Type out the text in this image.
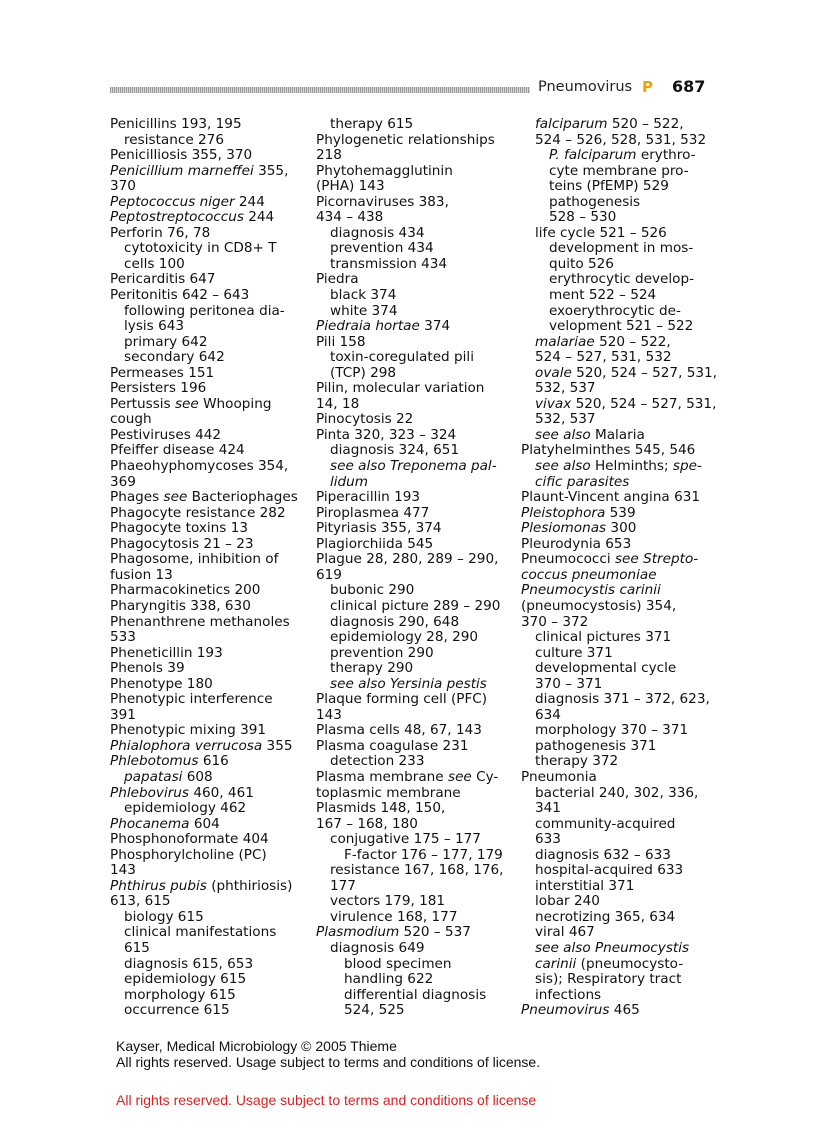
Pneumovirus P 687
Penicillins 193, 195
resistance 276
Penicilliosis 355, 370
Penicillium marneffei 355,
370
Peptococcus niger 244
Peptostreptococcus 244
Perforin 76, 78
cytotoxicity in CD8+ T
cells 100
Pericarditis 647
Peritonitis 642 – 643
following peritonea dia-
lysis 643
primary 642
secondary 642
Permeases 151
Persisters 196
Pertussis see Whooping
cough
Pestiviruses 442
Pfeiffer disease 424
Phaeohyphomycoses 354,
369
Phages see Bacteriophages
Phagocyte resistance 282
Phagocyte toxins 13
Phagocytosis 21 – 23
Phagosome, inhibition of
fusion 13
Pharmacokinetics 200
Pharyngitis 338, 630
Phenanthrene methanoles
533
Pheneticillin 193
Phenols 39
Phenotype 180
Phenotypic interference
391
Phenotypic mixing 391
Phialophora verrucosa 355
Phlebotomus 616
papatasi 608
Phlebovirus 460, 461
epidemiology 462
Phocanema 604
Phosphonoformate 404
Phosphorylcholine (PC)
143
Phthirus pubis (phthiriosis)
613, 615
biology 615
clinical manifestations
615
diagnosis 615, 653
epidemiology 615
morphology 615
occurrence 615
therapy 615
Phylogenetic relationships
218
Phytohemagglutinin
(PHA) 143
Picornaviruses 383,
434 – 438
diagnosis 434
prevention 434
transmission 434
Piedra
black 374
white 374
Piedraia hortae 374
Pili 158
toxin-coregulated pili
(TCP) 298
Pilin, molecular variation
14, 18
Pinocytosis 22
Pinta 320, 323 – 324
diagnosis 324, 651
see also Treponema pal-
lidum
Piperacillin 193
Piroplasmea 477
Pityriasis 355, 374
Plagiorchiida 545
Plague 28, 280, 289 – 290,
619
bubonic 290
clinical picture 289 – 290
diagnosis 290, 648
epidemiology 28, 290
prevention 290
therapy 290
see also Yersinia pestis
Plaque forming cell (PFC)
143
Plasma cells 48, 67, 143
Plasma coagulase 231
detection 233
Plasma membrane see Cy-
toplasmic membrane
Plasmids 148, 150,
167 – 168, 180
conjugative 175 – 177
F-factor 176 – 177, 179
resistance 167, 168, 176,
177
vectors 179, 181
virulence 168, 177
Plasmodium 520 – 537
diagnosis 649
blood specimen
handling 622
differential diagnosis
524, 525
falciparum 520 – 522,
524 – 526, 528, 531, 532
P. falciparum erythro-
cyte membrane pro-
teins (PfEMP) 529
pathogenesis
528 – 530
life cycle 521 – 526
development in mos-
quito 526
erythrocytic develop-
ment 522 – 524
exoerythrocytic de-
velopment 521 – 522
malariae 520 – 522,
524 – 527, 531, 532
ovale 520, 524 – 527, 531,
532, 537
vivax 520, 524 – 527, 531,
532, 537
see also Malaria
Platyhelminthes 545, 546
see also Helminths; spe-
cific parasites
Plaunt-Vincent angina 631
Pleistophora 539
Plesiomonas 300
Pleurodynia 653
Pneumococci see Strepto-
coccus pneumoniae
Pneumocystis carinii
(pneumocystosis) 354,
370 – 372
clinical pictures 371
culture 371
developmental cycle
370 – 371
diagnosis 371 – 372, 623,
634
morphology 370 – 371
pathogenesis 371
therapy 372
Pneumonia
bacterial 240, 302, 336,
341
community-acquired
633
diagnosis 632 – 633
hospital-acquired 633
interstitial 371
lobar 240
necrotizing 365, 634
viral 467
see also Pneumocystis
carinii (pneumocysto-
sis); Respiratory tract
infections
Pneumovirus 465
Kayser, Medical Microbiology © 2005 Thieme
All rights reserved. Usage subject to terms and conditions of license.
All rights reserved. Usage subject to terms and conditions of license
